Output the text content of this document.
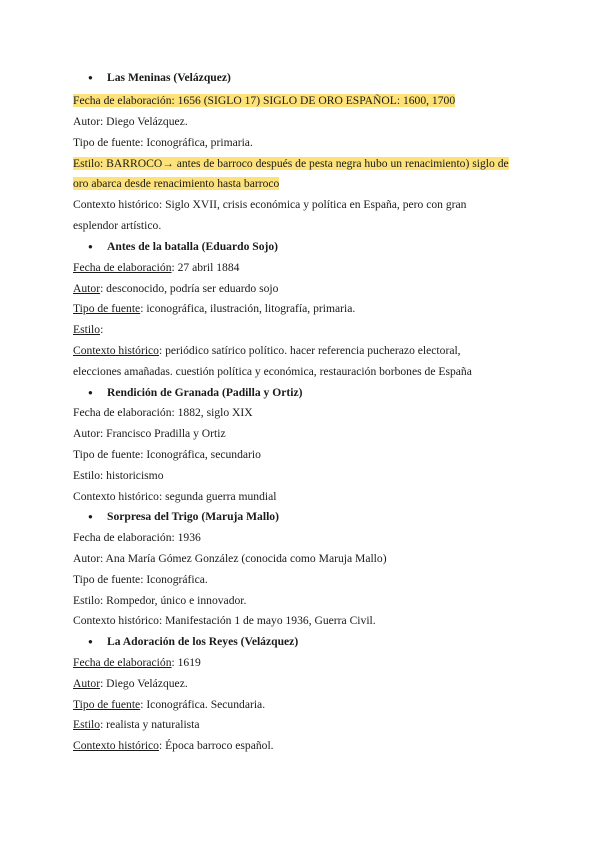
● Las Meninas (Velázquez)
Fecha de elaboración: 1656 (SIGLO 17) SIGLO DE ORO ESPAÑOL: 1600, 1700
Autor: Diego Velázquez.
Tipo de fuente: Iconográfica, primaria.
Estilo: BARROCO→ antes de barroco después de pesta negra hubo un renacimiento) siglo de
oro abarca desde renacimiento hasta barroco
Contexto histórico: Siglo XVII, crisis económica y política en España, pero con gran
esplendor artístico.
● Antes de la batalla (Eduardo Sojo)
Fecha de elaboración: 27 abril 1884
Autor: desconocido, podría ser eduardo sojo
Tipo de fuente: iconográfica, ilustración, litografía, primaria.
Estilo:
Contexto histórico: periódico satírico político. hacer referencia pucherazo electoral,
elecciones amañadas. cuestión política y económica, restauración borbones de España
● Rendición de Granada (Padilla y Ortiz)
Fecha de elaboración: 1882, siglo XIX
Autor: Francisco Pradilla y Ortiz
Tipo de fuente: Iconográfica, secundario
Estilo: historicismo
Contexto histórico: segunda guerra mundial
● Sorpresa del Trigo (Maruja Mallo)
Fecha de elaboración: 1936
Autor: Ana María Gómez González (conocida como Maruja Mallo)
Tipo de fuente: Iconográfica.
Estilo: Rompedor, único e innovador.
Contexto histórico: Manifestación 1 de mayo 1936, Guerra Civil.
● La Adoración de los Reyes (Velázquez)
Fecha de elaboración: 1619
Autor: Diego Velázquez.
Tipo de fuente: Iconográfica. Secundaria.
Estilo: realista y naturalista
Contexto histórico: Época barroco español.
